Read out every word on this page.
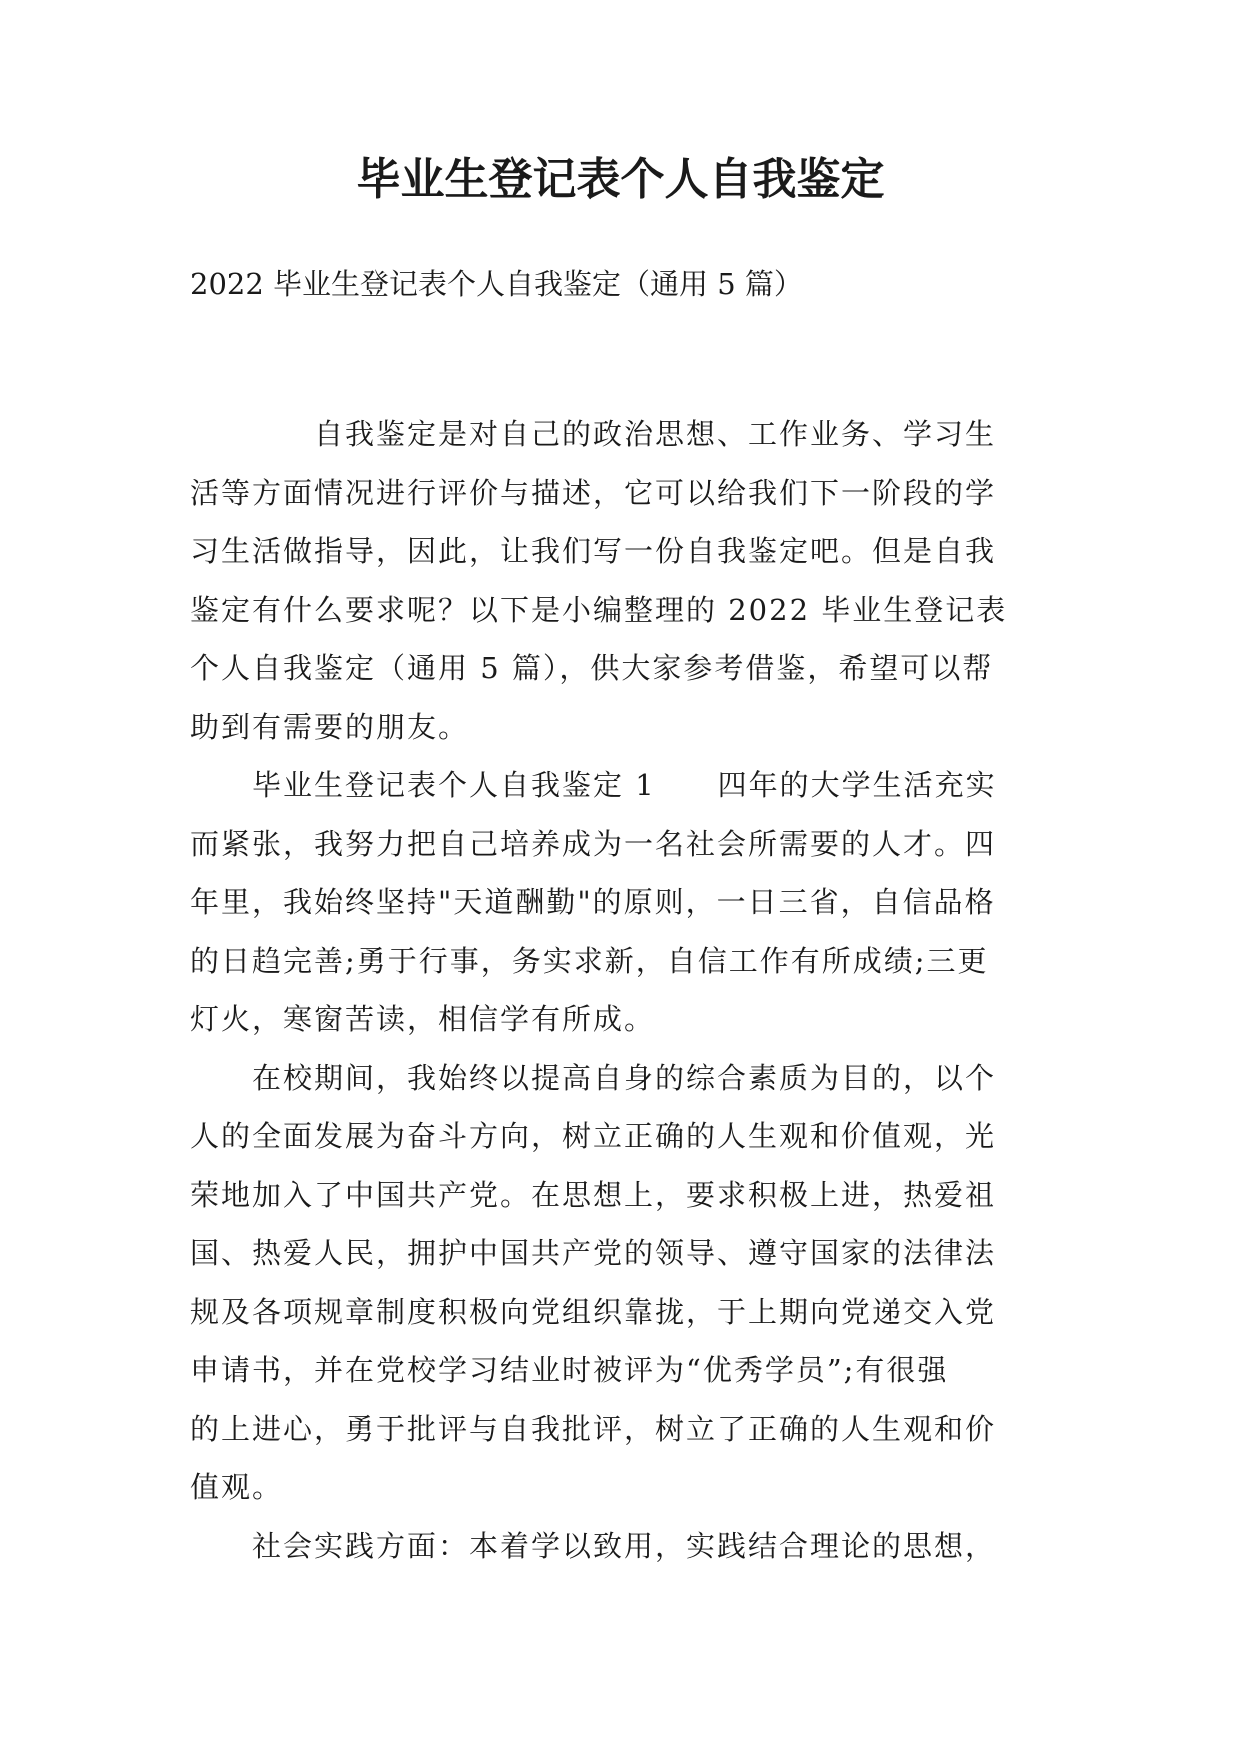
毕业生登记表个人自我鉴定

2022 毕业生登记表个人自我鉴定（通用 5 篇）

　　　　自我鉴定是对自己的政治思想、工作业务、学习生
活等方面情况进行评价与描述，它可以给我们下一阶段的学
习生活做指导，因此，让我们写一份自我鉴定吧。但是自我
鉴定有什么要求呢？以下是小编整理的 2022 毕业生登记表
个人自我鉴定（通用 5 篇），供大家参考借鉴，希望可以帮
助到有需要的朋友。
　　毕业生登记表个人自我鉴定 1　　四年的大学生活充实
而紧张，我努力把自己培养成为一名社会所需要的人才。四
年里，我始终坚持"天道酬勤"的原则，一日三省，自信品格
的日趋完善;勇于行事，务实求新，自信工作有所成绩;三更
灯火，寒窗苦读，相信学有所成。
　　在校期间，我始终以提高自身的综合素质为目的，以个
人的全面发展为奋斗方向，树立正确的人生观和价值观，光
荣地加入了中国共产党。在思想上，要求积极上进，热爱祖
国、热爱人民，拥护中国共产党的领导、遵守国家的法律法
规及各项规章制度积极向党组织靠拢，于上期向党递交入党
申请书，并在党校学习结业时被评为“优秀学员”;有很强
的上进心，勇于批评与自我批评，树立了正确的人生观和价
值观。
　　社会实践方面：本着学以致用，实践结合理论的思想，
